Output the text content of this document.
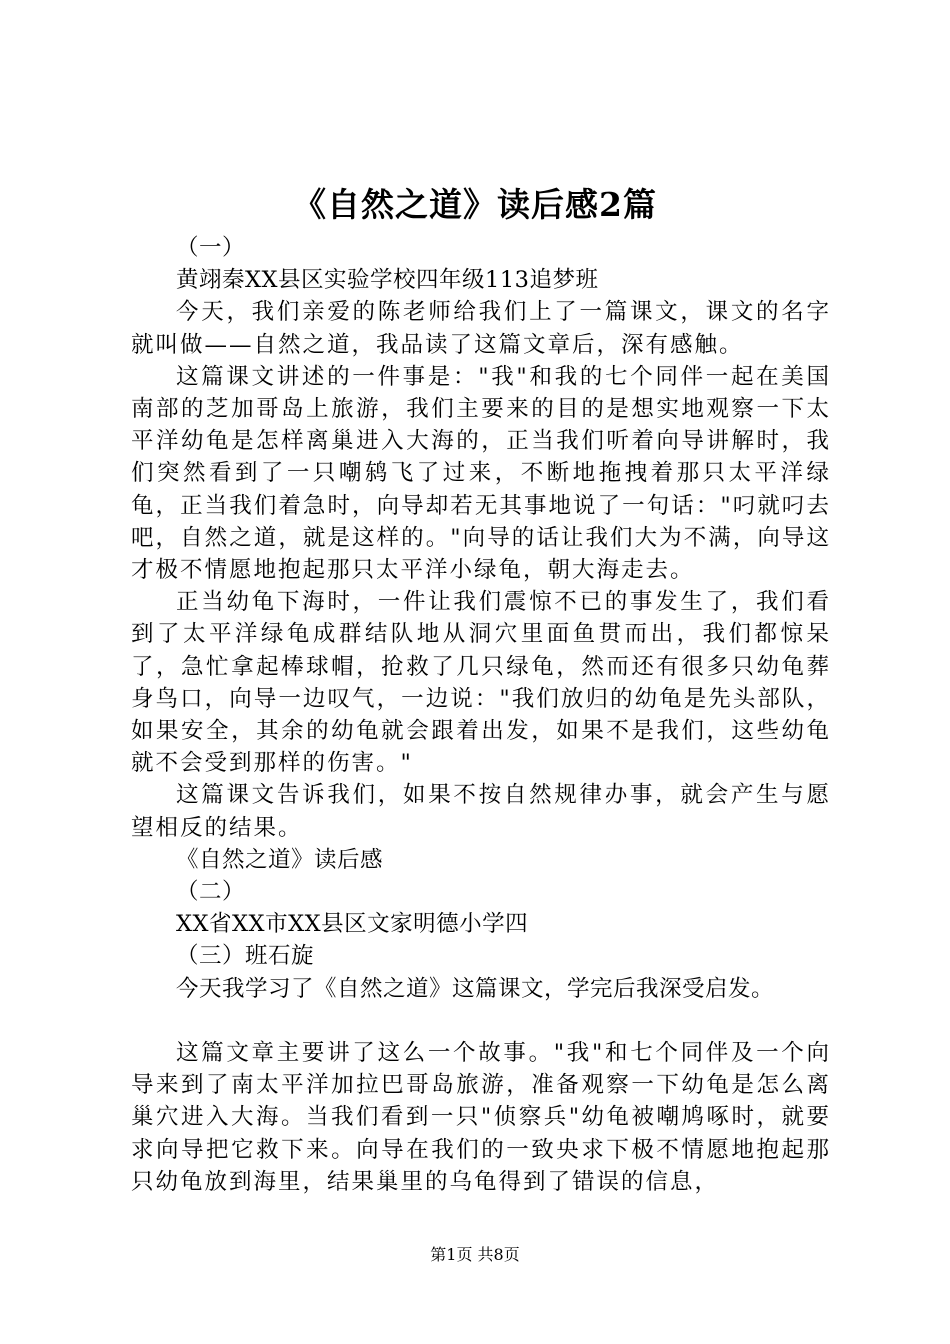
《自然之道》读后感2篇

（一）

黄翊秦XX县区实验学校四年级113追梦班

今天，我们亲爱的陈老师给我们上了一篇课文，课文的名字就叫做——自然之道，我品读了这篇文章后，深有感触。

这篇课文讲述的一件事是："我"和我的七个同伴一起在美国南部的芝加哥岛上旅游，我们主要来的目的是想实地观察一下太平洋幼龟是怎样离巢进入大海的，正当我们听着向导讲解时，我们突然看到了一只嘲鸫飞了过来，不断地拖拽着那只太平洋绿龟，正当我们着急时，向导却若无其事地说了一句话："叼就叼去吧，自然之道，就是这样的。"向导的话让我们大为不满，向导这才极不情愿地抱起那只太平洋小绿龟，朝大海走去。

正当幼龟下海时，一件让我们震惊不已的事发生了，我们看到了太平洋绿龟成群结队地从洞穴里面鱼贯而出，我们都惊呆了，急忙拿起棒球帽，抢救了几只绿龟，然而还有很多只幼龟葬身鸟口，向导一边叹气，一边说："我们放归的幼龟是先头部队，如果安全，其余的幼龟就会跟着出发，如果不是我们，这些幼龟就不会受到那样的伤害。"

这篇课文告诉我们，如果不按自然规律办事，就会产生与愿望相反的结果。

《自然之道》读后感

（二）

XX省XX市XX县区文家明德小学四

（三）班石旋

今天我学习了《自然之道》这篇课文，学完后我深受启发。

这篇文章主要讲了这么一个故事。"我"和七个同伴及一个向导来到了南太平洋加拉巴哥岛旅游，准备观察一下幼龟是怎么离巢穴进入大海。当我们看到一只"侦察兵"幼龟被嘲鸠啄时，就要求向导把它救下来。向导在我们的一致央求下极不情愿地抱起那只幼龟放到海里，结果巢里的乌龟得到了错误的信息，

第1页 共8页
